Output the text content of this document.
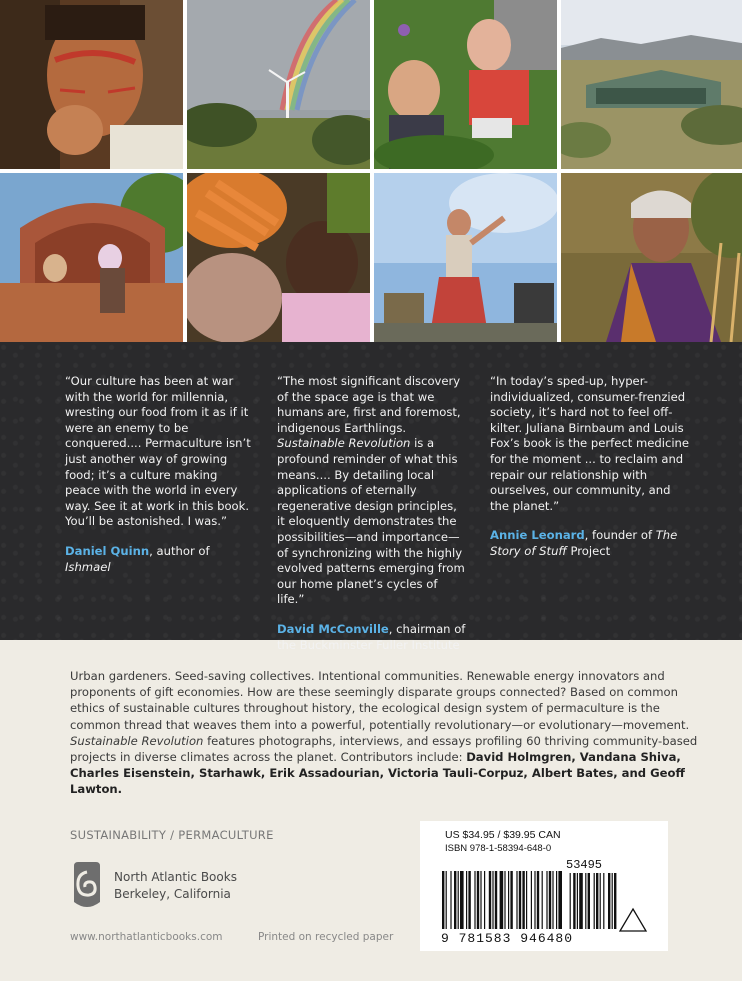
“Our culture has been at war with the world for millennia, wresting our food from it as if it were an enemy to be conquered.... Permaculture isn’t just another way of growing food; it’s a culture making peace with the world in every way. See it at work in this book. You’ll be astonished. I was.”

Daniel Quinn, author of Ishmael

“The most significant discovery of the space age is that we humans are, first and foremost, indigenous Earthlings. Sustainable Revolution is a profound reminder of what this means.... By detailing local applications of eternally regenerative design principles, it eloquently demonstrates the possibilities—and importance—of synchronizing with the highly evolved patterns emerging from our home planet’s cycles of life.”

David McConville, chairman of the Buckminster Fuller Institute

“In today’s sped-up, hyper-individualized, consumer-frenzied society, it’s hard not to feel off-kilter. Juliana Birnbaum and Louis Fox’s book is the perfect medicine for the moment ... to reclaim and repair our relationship with ourselves, our community, and the planet.”

Annie Leonard, founder of The Story of Stuff Project

Urban gardeners. Seed-saving collectives. Intentional communities. Renewable energy innovators and proponents of gift economies. How are these seemingly disparate groups connected? Based on common ethics of sustainable cultures throughout history, the ecological design system of permaculture is the common thread that weaves them into a powerful, potentially revolutionary—or evolutionary—movement. Sustainable Revolution features photographs, interviews, and essays profiling 60 thriving community-based projects in diverse climates across the planet. Contributors include: David Holmgren, Vandana Shiva, Charles Eisenstein, Starhawk, Erik Assadourian, Victoria Tauli-Corpuz, Albert Bates, and Geoff Lawton.

SUSTAINABILITY / PERMACULTURE
North Atlantic Books
Berkeley, California
www.northatlanticbooks.com	Printed on recycled paper
US $34.95 / $39.95 CAN
ISBN 978-1-58394-648-0
53495
9 781583 946480
